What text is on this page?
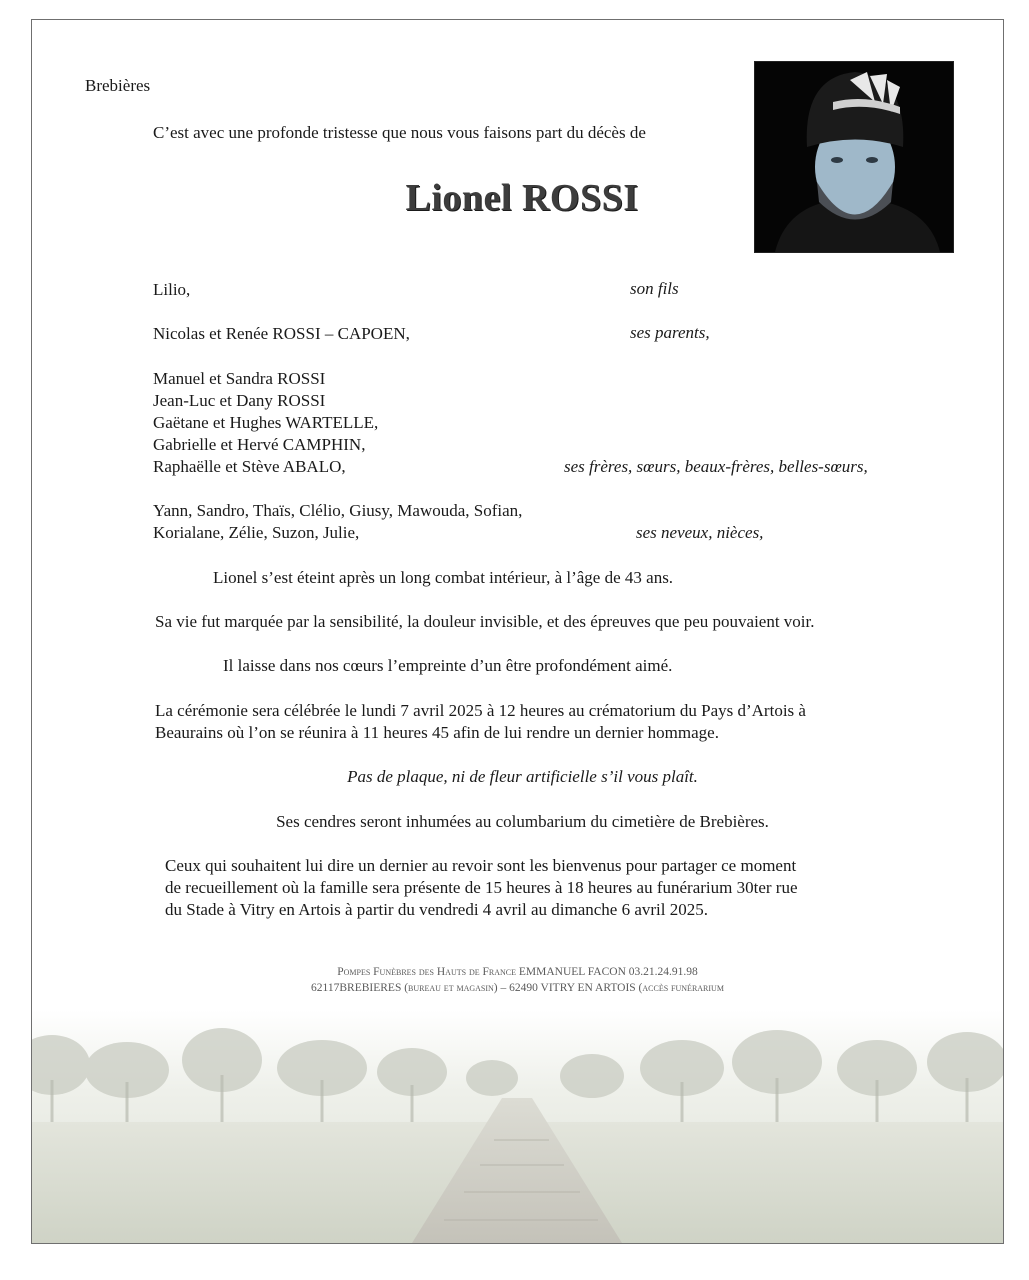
Brebières
C’est avec une profonde tristesse que nous vous faisons part du décès de
Lionel ROSSI
Lilio,	son fils
Nicolas et Renée ROSSI – CAPOEN,	ses parents,
Manuel et Sandra ROSSI
Jean-Luc et Dany ROSSI
Gaëtane et Hughes WARTELLE,
Gabrielle et Hervé CAMPHIN,
Raphaëlle et Stève ABALO,	ses frères, sœurs, beaux-frères, belles-sœurs,
Yann, Sandro, Thaïs, Clélio, Giusy, Mawouda, Sofian,
Korialane, Zélie, Suzon, Julie,	ses neveux, nièces,
Lionel s’est éteint après un long combat intérieur, à l’âge de 43 ans.
Sa vie fut marquée par la sensibilité, la douleur invisible, et des épreuves que peu pouvaient voir.
Il laisse dans nos cœurs l’empreinte d’un être profondément aimé.
La cérémonie sera célébrée le lundi 7 avril 2025 à 12 heures au crématorium du Pays d’Artois à
Beaurains où l’on se réunira à 11 heures 45 afin de lui rendre un dernier hommage.
Pas de plaque, ni de fleur artificielle s’il vous plaît.
Ses cendres seront inhumées au columbarium du cimetière de Brebières.
Ceux qui souhaitent lui dire un dernier au revoir sont les bienvenus pour partager ce moment
de recueillement où la famille sera présente de 15 heures à 18 heures au funérarium 30ter rue
du Stade à Vitry en Artois à partir du vendredi 4 avril au dimanche 6 avril 2025.
Pompes Funèbres des Hauts de France EMMANUEL FACON 03.21.24.91.98
62117BREBIERES (bureau et magasin) – 62490 VITRY EN ARTOIS (accès funérarium
